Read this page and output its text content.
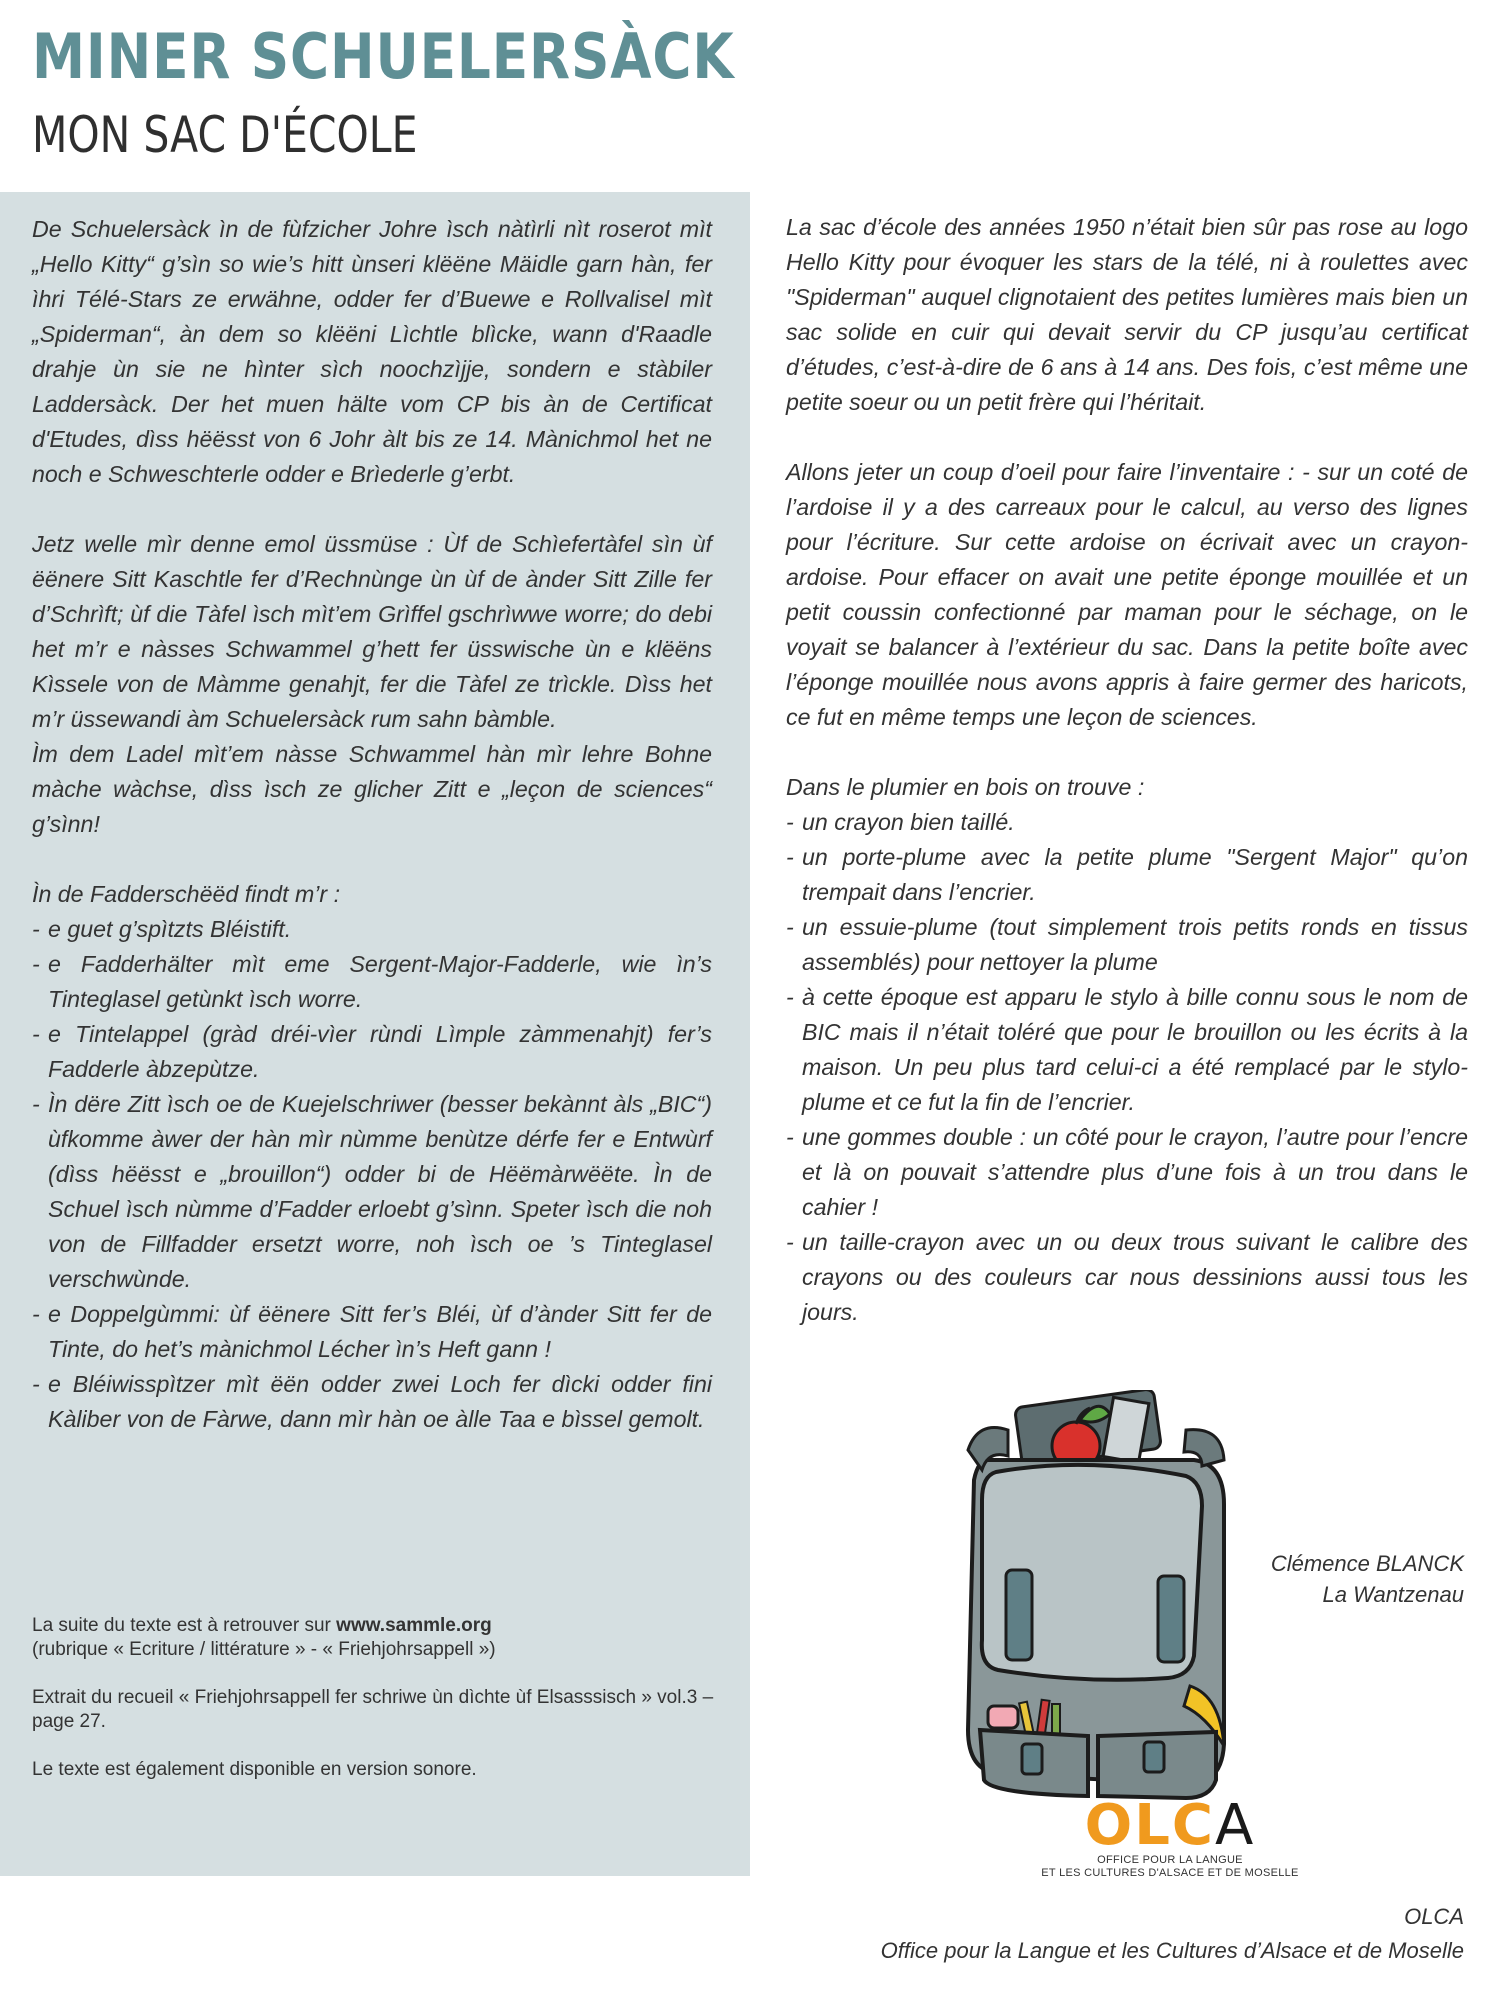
MINER SCHUELERSÀCK
MON SAC D'ÉCOLE

De Schuelersàck ìn de fùfzicher Johre ìsch nàtìrli nìt roserot mìt „Hello Kitty“ g’sìn so wie’s hitt ùnseri klëëne Mäidle garn hàn, fer ìhri Télé-Stars ze erwähne, odder fer d’Buewe e Rollvalisel mìt „Spiderman“, àn dem so klëëni Lìchtle blìcke, wann d'Raadle drahje ùn sie ne hìnter sìch noochzìjje, sondern e stàbiler Laddersàck. Der het muen hälte vom CP bis àn de Certificat d'Etudes, dìss hëësst von 6 Johr àlt bis ze 14. Mànichmol het ne noch e Schweschterle odder e Brìederle g’erbt.

Jetz welle mìr denne emol üssmüse : Ùf de Schìefertàfel sìn ùf ëënere Sitt Kaschtle fer d’Rechnùnge ùn ùf de ànder Sitt Zille fer d’Schrìft; ùf die Tàfel ìsch mìt’em Grìffel gschrìwwe worre; do debi het m’r e nàsses Schwammel g’hett fer üsswische ùn e klëëns Kìssele von de Màmme genahjt, fer die Tàfel ze trìckle. Dìss het m’r üssewandi àm Schuelersàck rum sahn bàmble.

Ìm dem Ladel mìt’em nàsse Schwammel hàn mìr lehre Bohne màche wàchse, dìss ìsch ze glicher Zitt e „leçon de sciences“ g’sìnn!

Ìn de Fadderschëëd findt m’r :

- e guet g’spìtzts Bléistift.
- e Fadderhälter mìt eme Sergent-Major-Fadderle, wie ìn’s Tinteglasel getùnkt ìsch worre.
- e Tintelappel (gràd dréi-vìer rùndi Lìmple zàmmenahjt) fer’s Fadderle àbzepùtze.
- Ìn dëre Zitt ìsch oe de Kuejelschriwer (besser bekànnt àls „BIC“) ùfkomme àwer der hàn mìr nùmme benùtze dérfe fer e Entwùrf (dìss hëësst e „brouillon“) odder bi de Hëëmàrwëëte. Ìn de Schuel ìsch nùmme d’Fadder erloebt g’sìnn. Speter ìsch die noh von de Fillfadder ersetzt worre, noh ìsch oe ’s Tinteglasel verschwùnde.
- e Doppelgùmmi: ùf ëënere Sitt fer’s Bléi, ùf d’ànder Sitt fer de Tinte, do het’s mànichmol Lécher ìn’s Heft gann !
- e Bléiwisspìtzer mìt ëën odder zwei Loch fer dìcki odder fini Kàliber von de Fàrwe, dann mìr hàn oe àlle Taa e bìssel gemolt.

La suite du texte est à retrouver sur www.sammle.org
(rubrique « Ecriture / littérature » - « Friehjohrsappell »)

Extrait du recueil « Friehjohrsappell fer schriwe ùn dìchte ùf Elsasssisch » vol.3 – page 27.

Le texte est également disponible en version sonore.

La sac d’école des années 1950 n’était bien sûr pas rose au logo Hello Kitty pour évoquer les stars de la télé, ni à roulettes avec "Spiderman" auquel clignotaient des petites lumières mais bien un sac solide en cuir qui devait servir du CP jusqu’au certificat d’études, c’est-à-dire de 6 ans à 14 ans. Des fois, c’est même une petite soeur ou un petit frère qui l’héritait.

Allons jeter un coup d’oeil pour faire l’inventaire : - sur un coté de l’ardoise il y a des carreaux pour le calcul, au verso des lignes pour l’écriture. Sur cette ardoise on écrivait avec un crayon-ardoise. Pour effacer on avait une petite éponge mouillée et un petit coussin confectionné par maman pour le séchage, on le voyait se balancer à l’extérieur du sac. Dans la petite boîte avec l’éponge mouillée nous avons appris à faire germer des haricots, ce fut en même temps une leçon de sciences.

Dans le plumier en bois on trouve :

- un crayon bien taillé.
- un porte-plume avec la petite plume "Sergent Major" qu’on trempait dans l’encrier.
- un essuie-plume (tout simplement trois petits ronds en tissus assemblés) pour nettoyer la plume
- à cette époque est apparu le stylo à bille connu sous le nom de BIC mais il n’était toléré que pour le brouillon ou les écrits à la maison. Un peu plus tard celui-ci a été remplacé par le stylo-plume et ce fut la fin de l’encrier.
- une gommes double : un côté pour le crayon, l’autre pour l’encre et là on pouvait s’attendre plus d’une fois à un trou dans le cahier !
- un taille-crayon avec un ou deux trous suivant le calibre des crayons ou des couleurs car nous dessinions aussi tous les jours.
Clémence BLANCK
La Wantzenau
OLCA
OFFICE POUR LA LANGUE
ET LES CULTURES D'ALSACE ET DE MOSELLE
OLCA
Office pour la Langue et les Cultures d’Alsace et de Moselle
